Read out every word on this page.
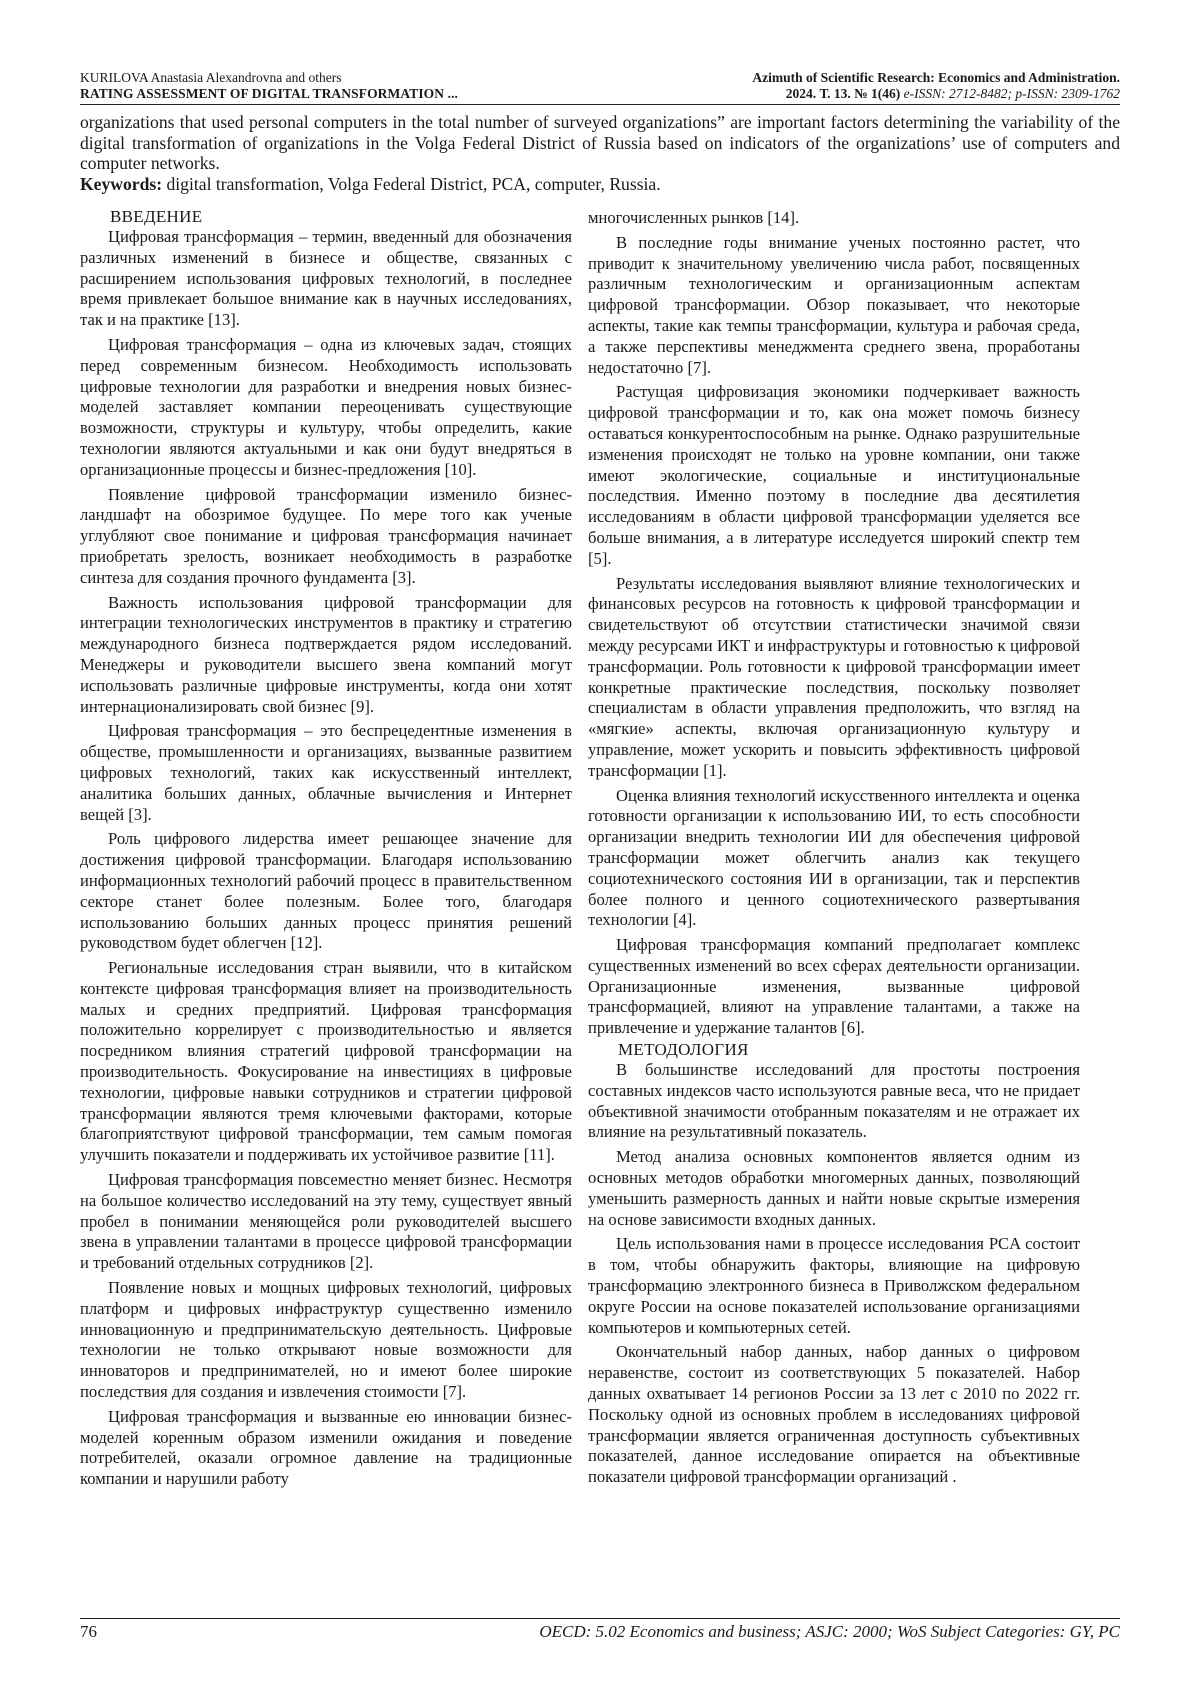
KURILOVA Anastasia Alexandrovna and others
RATING ASSESSMENT OF DIGITAL TRANSFORMATION ...
Azimuth of Scientific Research: Economics and Administration.
2024. Т. 13. № 1(46) e-ISSN: 2712-8482; p-ISSN: 2309-1762

organizations that used personal computers in the total number of surveyed organizations” are important factors determining the variability of the digital transformation of organizations in the Volga Federal District of Russia based on indicators of the organizations’ use of computers and computer networks.

Keywords: digital transformation, Volga Federal District, PCA, computer, Russia.

ВВЕДЕНИЕ

Цифровая трансформация – термин, введенный для обозначения различных изменений в бизнесе и обществе, связанных с расширением использования цифровых технологий, в последнее время привлекает большое внимание как в научных исследованиях, так и на практике [13].

Цифровая трансформация – одна из ключевых задач, стоящих перед современным бизнесом. Необходимость использовать цифровые технологии для разработки и внедрения новых бизнес-моделей заставляет компании переоценивать существующие возможности, структуры и культуру, чтобы определить, какие технологии являются актуальными и как они будут внедряться в организационные процессы и бизнес-предложения [10].

Появление цифровой трансформации изменило бизнес-ландшафт на обозримое будущее. По мере того как ученые углубляют свое понимание и цифровая трансформация начинает приобретать зрелость, возникает необходимость в разработке синтеза для создания прочного фундамента [3].

Важность использования цифровой трансформации для интеграции технологических инструментов в практику и стратегию международного бизнеса подтверждается рядом исследований. Менеджеры и руководители высшего звена компаний могут использовать различные цифровые инструменты, когда они хотят интернационализировать свой бизнес [9].

Цифровая трансформация – это беспрецедентные изменения в обществе, промышленности и организациях, вызванные развитием цифровых технологий, таких как искусственный интеллект, аналитика больших данных, облачные вычисления и Интернет вещей [3].

Роль цифрового лидерства имеет решающее значение для достижения цифровой трансформации. Благодаря использованию информационных технологий рабочий процесс в правительственном секторе станет более полезным. Более того, благодаря использованию больших данных процесс принятия решений руководством будет облегчен [12].

Региональные исследования стран выявили, что в китайском контексте цифровая трансформация влияет на производительность малых и средних предприятий. Цифровая трансформация положительно коррелирует с производительностью и является посредником влияния стратегий цифровой трансформации на производительность. Фокусирование на инвестициях в цифровые технологии, цифровые навыки сотрудников и стратегии цифровой трансформации являются тремя ключевыми факторами, которые благоприятствуют цифровой трансформации, тем самым помогая улучшить показатели и поддерживать их устойчивое развитие [11].

Цифровая трансформация повсеместно меняет бизнес. Несмотря на большое количество исследований на эту тему, существует явный пробел в понимании меняющейся роли руководителей высшего звена в управлении талантами в процессе цифровой трансформации и требований отдельных сотрудников [2].

Появление новых и мощных цифровых технологий, цифровых платформ и цифровых инфраструктур существенно изменило инновационную и предпринимательскую деятельность. Цифровые технологии не только открывают новые возможности для инноваторов и предпринимателей, но и имеют более широкие последствия для создания и извлечения стоимости [7].

Цифровая трансформация и вызванные ею инновации бизнес-моделей коренным образом изменили ожидания и поведение потребителей, оказали огромное давление на традиционные компании и нарушили работу

многочисленных рынков [14].

В последние годы внимание ученых постоянно растет, что приводит к значительному увеличению числа работ, посвященных различным технологическим и организационным аспектам цифровой трансформации. Обзор показывает, что некоторые аспекты, такие как темпы трансформации, культура и рабочая среда, а также перспективы менеджмента среднего звена, проработаны недостаточно [7].

Растущая цифровизация экономики подчеркивает важность цифровой трансформации и то, как она может помочь бизнесу оставаться конкурентоспособным на рынке. Однако разрушительные изменения происходят не только на уровне компании, они также имеют экологические, социальные и институциональные последствия. Именно поэтому в последние два десятилетия исследованиям в области цифровой трансформации уделяется все больше внимания, а в литературе исследуется широкий спектр тем [5].

Результаты исследования выявляют влияние технологических и финансовых ресурсов на готовность к цифровой трансформации и свидетельствуют об отсутствии статистически значимой связи между ресурсами ИКТ и инфраструктуры и готовностью к цифровой трансформации. Роль готовности к цифровой трансформации имеет конкретные практические последствия, поскольку позволяет специалистам в области управления предположить, что взгляд на «мягкие» аспекты, включая организационную культуру и управление, может ускорить и повысить эффективность цифровой трансформации [1].

Оценка влияния технологий искусственного интеллекта и оценка готовности организации к использованию ИИ, то есть способности организации внедрить технологии ИИ для обеспечения цифровой трансформации может облегчить анализ как текущего социотехнического состояния ИИ в организации, так и перспектив более полного и ценного социотехнического развертывания технологии [4].

Цифровая трансформация компаний предполагает комплекс существенных изменений во всех сферах деятельности организации. Организационные изменения, вызванные цифровой трансформацией, влияют на управление талантами, а также на привлечение и удержание талантов [6].

МЕТОДОЛОГИЯ

В большинстве исследований для простоты построения составных индексов часто используются равные веса, что не придает объективной значимости отобранным показателям и не отражает их влияние на результативный показатель.

Метод анализа основных компонентов является одним из основных методов обработки многомерных данных, позволяющий уменьшить размерность данных и найти новые скрытые измерения на основе зависимости входных данных.

Цель использования нами в процессе исследования PCA состоит в том, чтобы обнаружить факторы, влияющие на цифровую трансформацию электронного бизнеса в Приволжском федеральном округе России на основе показателей использование организациями компьютеров и компьютерных сетей.

Окончательный набор данных, набор данных о цифровом неравенстве, состоит из соответствующих 5 показателей. Набор данных охватывает 14 регионов России за 13 лет с 2010 по 2022 гг. Поскольку одной из основных проблем в исследованиях цифровой трансформации является ограниченная доступность субъективных показателей, данное исследование опирается на объективные показатели цифровой трансформации организаций .

76	OECD: 5.02 Economics and business; ASJC: 2000; WoS Subject Categories: GY, PC
